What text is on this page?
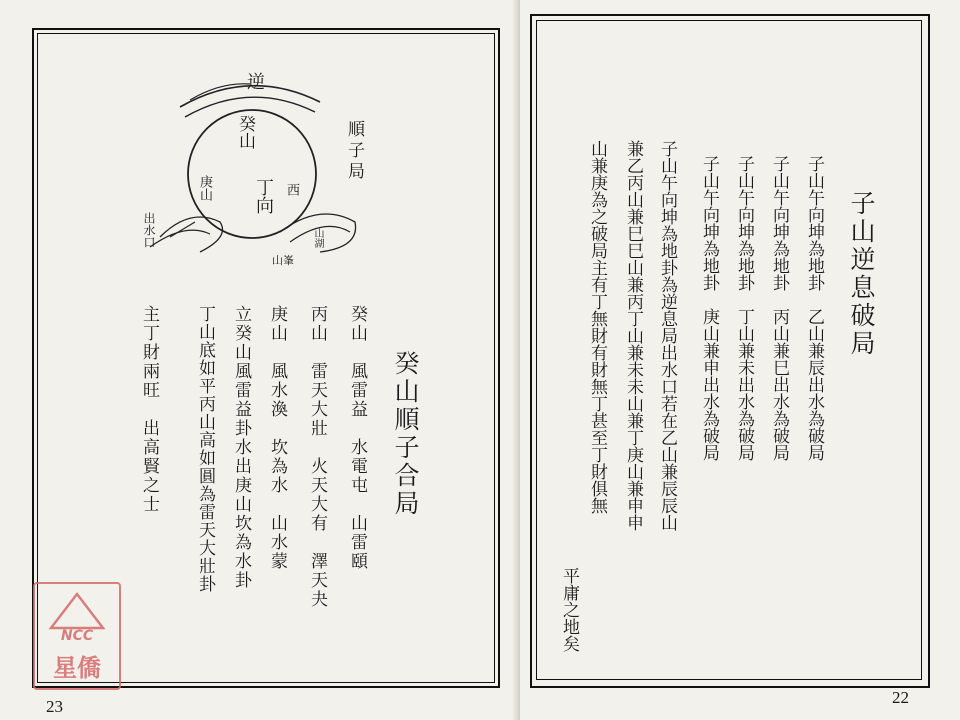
逆
癸山
丁向
庚山
出水口
西
山湖
山峯
順子局
癸山順子合局
癸山　風雷益　水電屯　山雷頤
丙山　雷天大壯　火天大有　澤天夬
庚山　風水渙　坎為水　山水蒙
立癸山風雷益卦水出庚山坎為水卦
丁山底如平丙山高如圓為雷天大壯卦
主丁財兩旺　出高賢之士
23
NCC
星僑
子山逆息破局
子山午向坤為地卦　乙山兼辰出水為破局
子山午向坤為地卦　丙山兼巳出水為破局
子山午向坤為地卦　丁山兼未出水為破局
子山午向坤為地卦　庚山兼申出水為破局
子山午向坤為地卦為逆息局出水口若在乙山兼辰辰山
兼乙丙山兼巳巳山兼丙丁山兼未未山兼丁庚山兼申申
山兼庚為之破局主有丁無財有財無丁甚至丁財俱無
平庸之地矣
22
